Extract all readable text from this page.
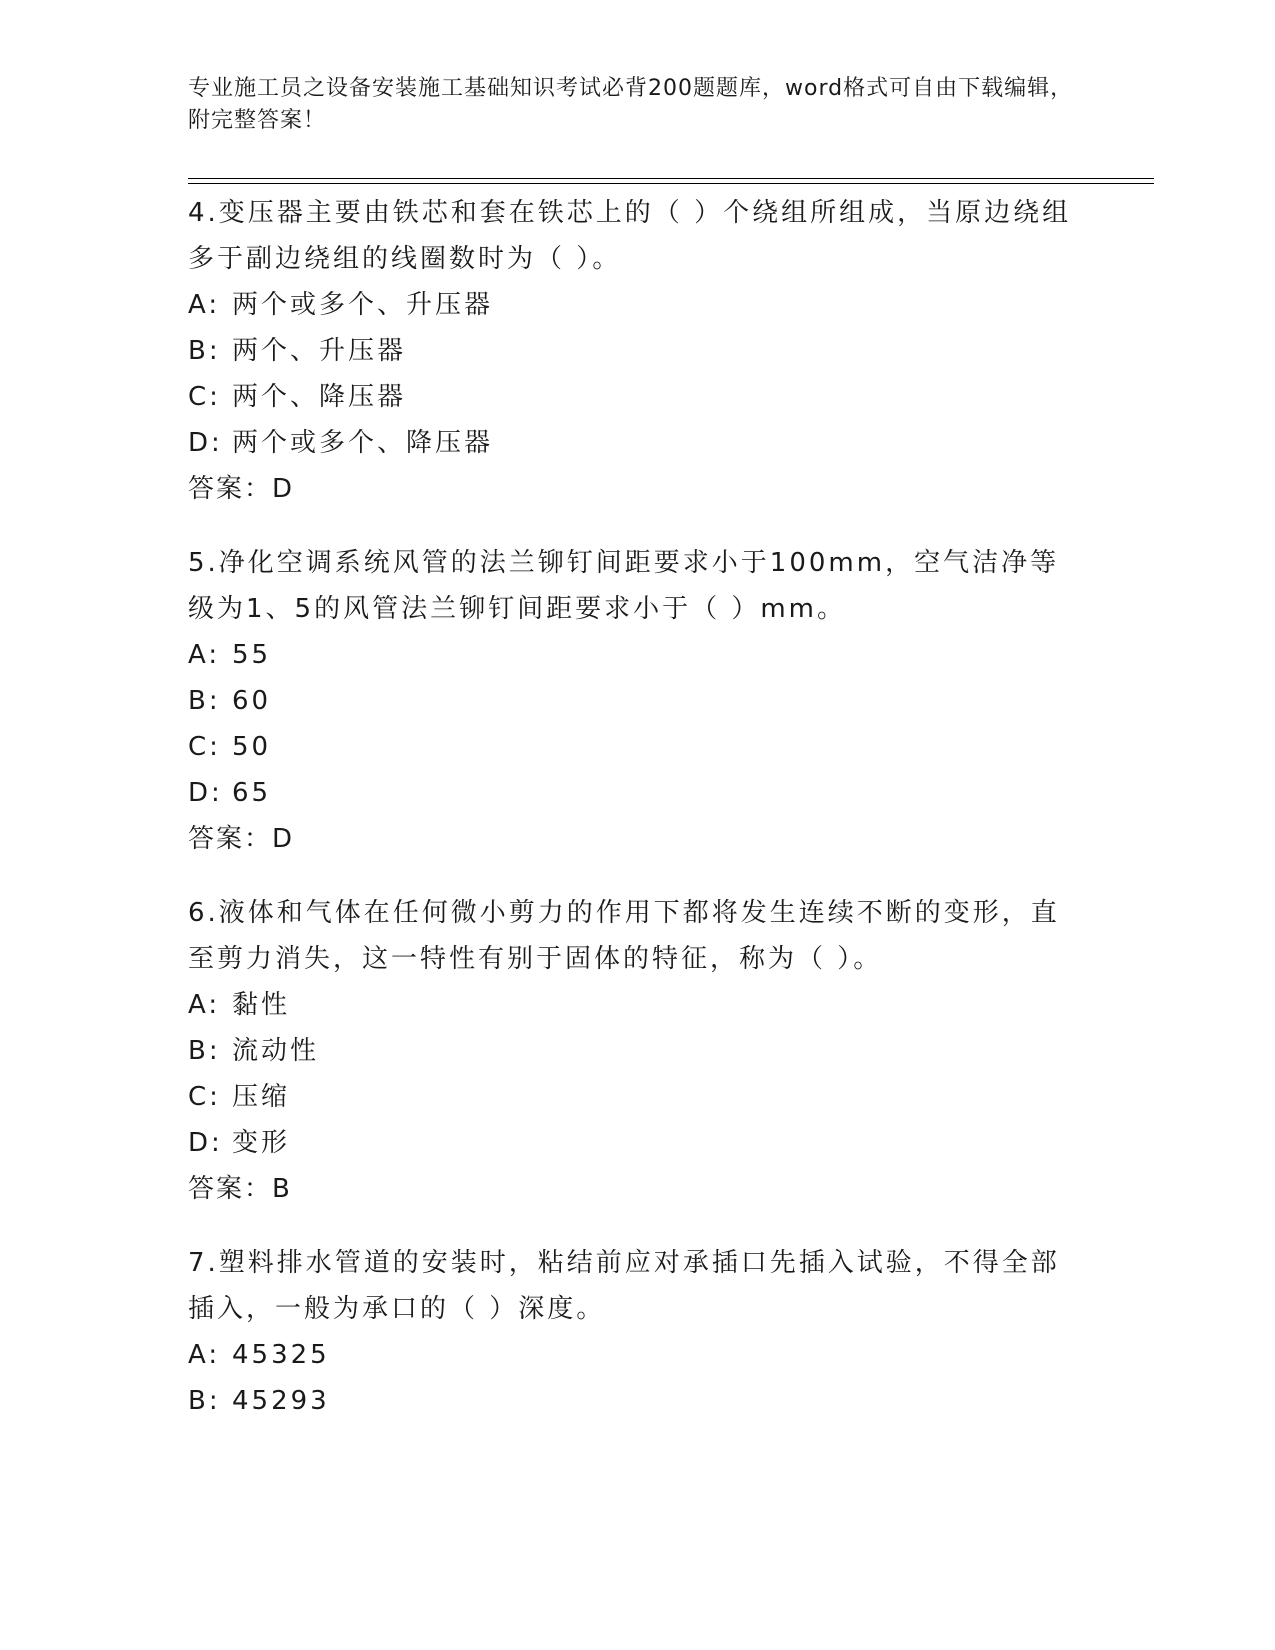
专业施工员之设备安装施工基础知识考试必背200题题库，word格式可自由下载编辑，附完整答案！

4.变压器主要由铁芯和套在铁芯上的（ ）个绕组所组成，当原边绕组多于副边绕组的线圈数时为（ ）。

A: 两个或多个、升压器

B: 两个、升压器

C: 两个、降压器

D: 两个或多个、降压器

答案：D

5.净化空调系统风管的法兰铆钉间距要求小于100mm，空气洁净等级为1、5的风管法兰铆钉间距要求小于（ ）mm。

A: 55

B: 60

C: 50

D: 65

答案：D

6.液体和气体在任何微小剪力的作用下都将发生连续不断的变形，直至剪力消失，这一特性有别于固体的特征，称为（ ）。

A: 黏性

B: 流动性

C: 压缩

D: 变形

答案：B

7.塑料排水管道的安装时，粘结前应对承插口先插入试验，不得全部插入，一般为承口的（ ）深度。

A: 45325

B: 45293
